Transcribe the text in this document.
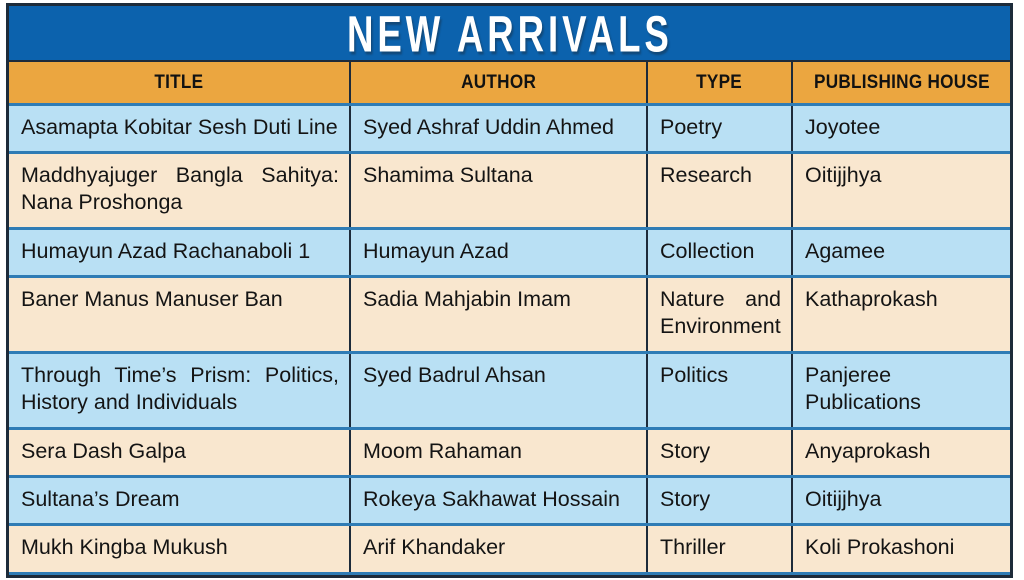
NEW ARRIVALS
TITLE	AUTHOR	TYPE	PUBLISHING HOUSE
Asamapta Kobitar Sesh Duti Line	Syed Ashraf Uddin Ahmed	Poetry	Joyotee
Maddhyajuger Bangla Sahitya: Nana Proshonga	Shamima Sultana	Research	Oitijjhya
Humayun Azad Rachanaboli 1	Humayun Azad	Collection	Agamee
Baner Manus Manuser Ban	Sadia Mahjabin Imam	Nature and Environment	Kathaprokash
Through Time’s Prism: Politics, History and Individuals	Syed Badrul Ahsan	Politics	Panjeree Publications
Sera Dash Galpa	Moom Rahaman	Story	Anyaprokash
Sultana’s Dream	Rokeya Sakhawat Hossain	Story	Oitijjhya
Mukh Kingba Mukush	Arif Khandaker	Thriller	Koli Prokashoni
